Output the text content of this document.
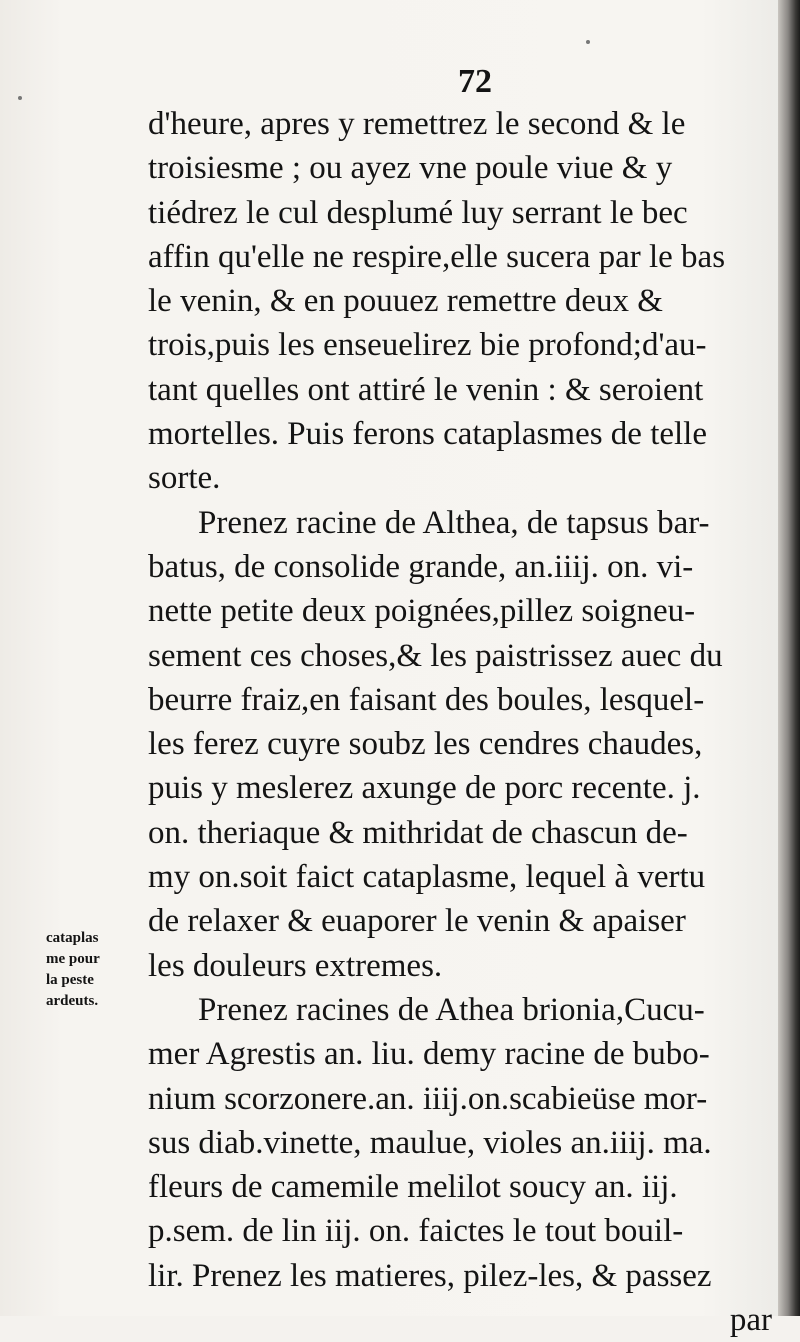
72
d'heure, apres y remettrez le second & le
troisiesme ; ou ayez vne poule viue & y
tiédrez le cul desplumé luy serrant le bec
affin qu'elle ne respire,elle sucera par le bas
le venin, & en pouuez remettre deux &
trois,puis les enseuelirez bie profond;d'au-
tant quelles ont attiré le venin : & seroient
mortelles. Puis ferons cataplasmes de telle
sorte.
Prenez racine de Althea, de tapsus bar-
batus, de consolide grande, an.iiij. on. vi-
nette petite deux poignées,pillez soigneu-
sement ces choses,& les paistrissez auec du
beurre fraiz,en faisant des boules, lesquel-
les ferez cuyre soubz les cendres chaudes,
puis y meslerez axunge de porc recente. j.
on. theriaque & mithridat de chascun de-
my on.soit faict cataplasme, lequel à vertu
de relaxer & euaporer le venin & apaiser
les douleurs extremes.
Prenez racines de Athea brionia,Cucu-
mer Agrestis an. liu. demy racine de bubo-
nium scorzonere.an. iiij.on.scabieüse mor-
sus diab.vinette, maulue, violes an.iiij. ma.
fleurs de camemile melilot soucy an. iij.
p.sem. de lin iij. on. faictes le tout bouil-
lir. Prenez les matieres, pilez-les, & passez
par
cataplas
me pour
la peste
ardeuts.
